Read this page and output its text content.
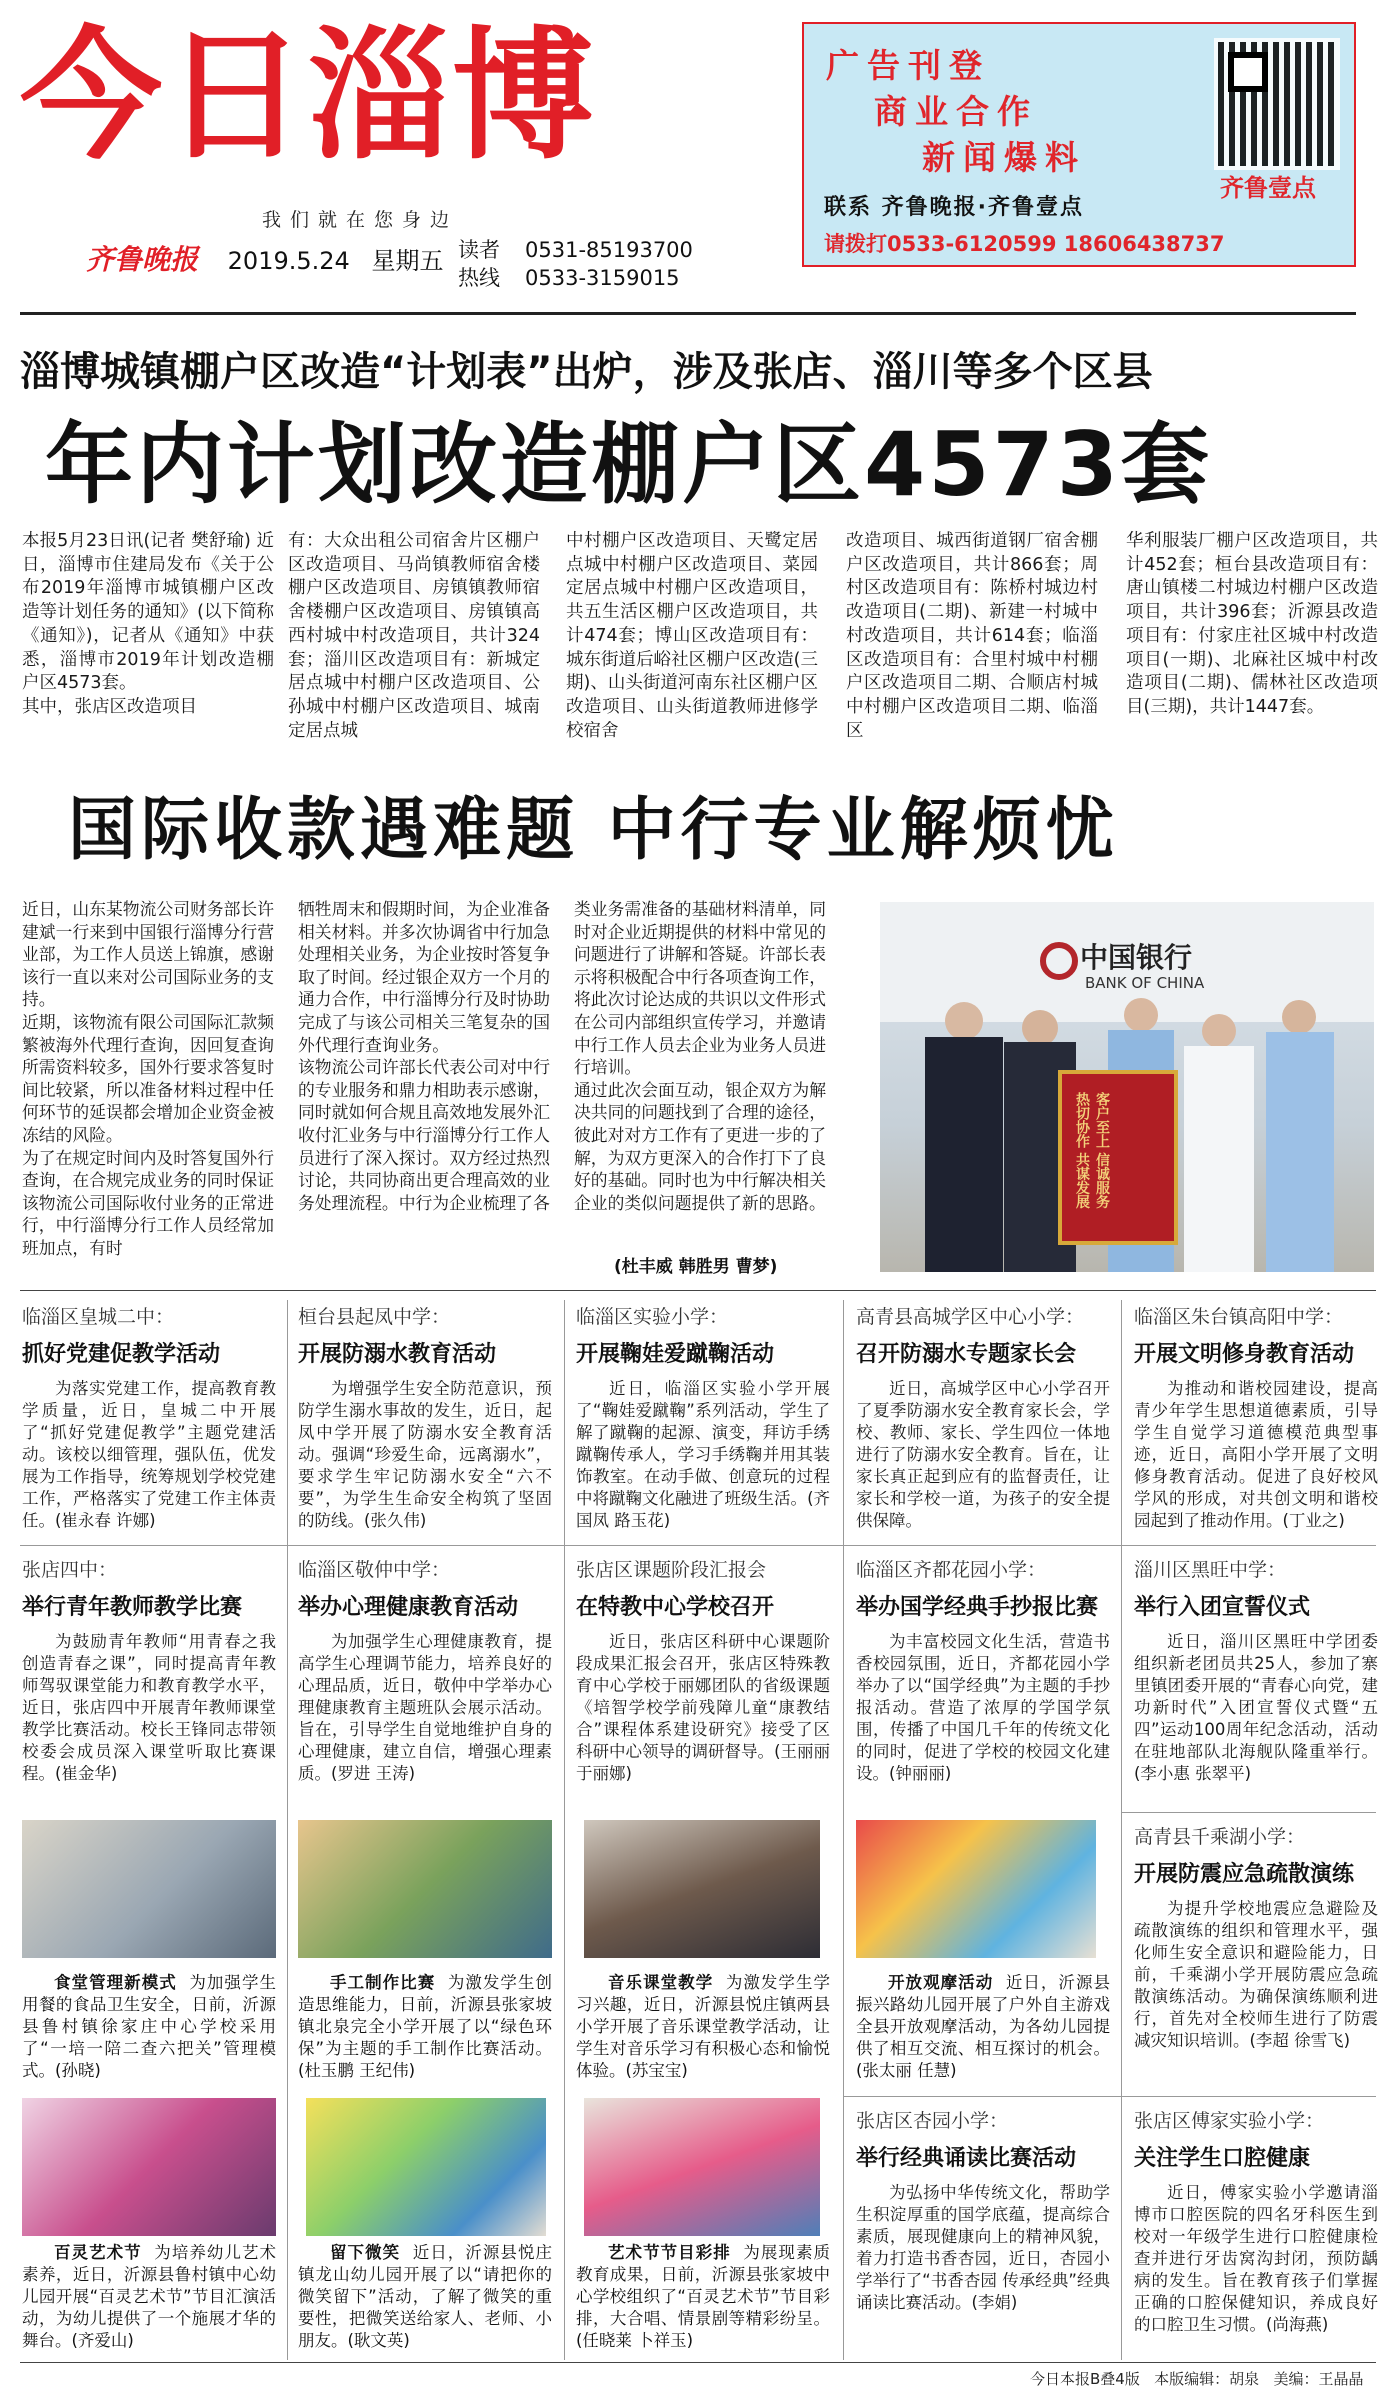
今日淄博
我们就在您身边
齐鲁晚报 2019.5.24 星期五 读者
热线
0531-85193700
0533-3159015
广告刊登
商业合作
新闻爆料
联系 齐鲁晚报·齐鲁壹点
请拨打0533-6120599 18606438737
齐鲁壹点
淄博城镇棚户区改造“计划表”出炉，涉及张店、淄川等多个区县
年内计划改造棚户区4573套
本报5月23日讯(记者 樊舒瑜) 近日，淄博市住建局发布《关于公布2019年淄博市城镇棚户区改造等计划任务的通知》(以下简称《通知》)，记者从《通知》中获悉，淄博市2019年计划改造棚户区4573套。
其中，张店区改造项目
有：大众出租公司宿舍片区棚户区改造项目、马尚镇教师宿舍楼棚户区改造项目、房镇镇教师宿舍楼棚户区改造项目、房镇镇高西村城中村改造项目，共计324套；淄川区改造项目有：新城定居点城中村棚户区改造项目、公孙城中村棚户区改造项目、城南定居点城
中村棚户区改造项目、天鹭定居点城中村棚户区改造项目、菜园定居点城中村棚户区改造项目，共五生活区棚户区改造项目，共计474套；博山区改造项目有：城东街道后峪社区棚户区改造(三期)、山头街道河南东社区棚户区改造项目、山头街道教师进修学校宿舍
改造项目、城西街道钢厂宿舍棚户区改造项目，共计866套；周村区改造项目有：陈桥村城边村改造项目(二期)、新建一村城中村改造项目，共计614套；临淄区改造项目有：合里村城中村棚户区改造项目二期、合顺店村城中村棚户区改造项目二期、临淄区
华利服装厂棚户区改造项目，共计452套；桓台县改造项目有：唐山镇楼二村城边村棚户区改造项目，共计396套；沂源县改造项目有：付家庄社区城中村改造项目(一期)、北麻社区城中村改造项目(二期)、儒林社区改造项目(三期)，共计1447套。
国际收款遇难题 中行专业解烦忧
近日，山东某物流公司财务部长许建斌一行来到中国银行淄博分行营业部，为工作人员送上锦旗，感谢该行一直以来对公司国际业务的支持。
近期，该物流有限公司国际汇款频繁被海外代理行查询，因回复查询所需资料较多，国外行要求答复时间比较紧，所以准备材料过程中任何环节的延误都会增加企业资金被冻结的风险。
为了在规定时间内及时答复国外行查询，在合规完成业务的同时保证该物流公司国际收付业务的正常进行，中行淄博分行工作人员经常加班加点，有时
牺牲周末和假期时间，为企业准备相关材料。并多次协调省中行加急处理相关业务，为企业按时答复争取了时间。经过银企双方一个月的通力合作，中行淄博分行及时协助完成了与该公司相关三笔复杂的国外代理行查询业务。
该物流公司许部长代表公司对中行的专业服务和鼎力相助表示感谢，同时就如何合规且高效地发展外汇收付汇业务与中行淄博分行工作人员进行了深入探讨。双方经过热烈讨论，共同协商出更合理高效的业务处理流程。中行为企业梳理了各
类业务需准备的基础材料清单，同时对企业近期提供的材料中常见的问题进行了讲解和答疑。许部长表示将积极配合中行各项查询工作，将此次讨论达成的共识以文件形式在公司内部组织宣传学习，并邀请中行工作人员去企业为业务人员进行培训。
通过此次会面互动，银企双方为解决共同的问题找到了合理的途径，彼此对对方工作有了更进一步的了解，为双方更深入的合作打下了良好的基础。同时也为中行解决相关企业的类似问题提供了新的思路。
(杜丰威 韩胜男 曹梦)
中国银行
BANK OF CHINA
客户至上 信诚服务 热切协作 共谋发展
临淄区皇城二中：
抓好党建促教学活动
为落实党建工作，提高教育教学质量，近日，皇城二中开展了“抓好党建促教学”主题党建活动。该校以细管理，强队伍，优发展为工作指导，统筹规划学校党建工作，严格落实了党建工作主体责任。(崔永春 许娜)
桓台县起凤中学：
开展防溺水教育活动
为增强学生安全防范意识，预防学生溺水事故的发生，近日，起凤中学开展了防溺水安全教育活动。强调“珍爱生命，远离溺水”，要求学生牢记防溺水安全“六不要”，为学生生命安全构筑了坚固的防线。(张久伟)
临淄区实验小学：
开展鞠娃爱蹴鞠活动
近日，临淄区实验小学开展了“鞠娃爱蹴鞠”系列活动，学生了解了蹴鞠的起源、演变，拜访手绣蹴鞠传承人，学习手绣鞠并用其装饰教室。在动手做、创意玩的过程中将蹴鞠文化融进了班级生活。(齐国凤 路玉花)
高青县高城学区中心小学：
召开防溺水专题家长会
近日，高城学区中心小学召开了夏季防溺水安全教育家长会，学校、教师、家长、学生四位一体地进行了防溺水安全教育。旨在，让家长真正起到应有的监督责任，让家长和学校一道，为孩子的安全提供保障。
临淄区朱台镇高阳中学：
开展文明修身教育活动
为推动和谐校园建设，提高青少年学生思想道德素质，引导学生自觉学习道德模范典型事迹，近日，高阳小学开展了文明修身教育活动。促进了良好校风学风的形成，对共创文明和谐校园起到了推动作用。(丁业之)
张店四中：
举行青年教师教学比赛
为鼓励青年教师“用青春之我创造青春之课”，同时提高青年教师驾驭课堂能力和教育教学水平，近日，张店四中开展青年教师课堂教学比赛活动。校长王锋同志带领校委会成员深入课堂听取比赛课程。(崔金华)
临淄区敬仲中学：
举办心理健康教育活动
为加强学生心理健康教育，提高学生心理调节能力，培养良好的心理品质，近日，敬仲中学举办心理健康教育主题班队会展示活动。旨在，引导学生自觉地维护自身的心理健康，建立自信，增强心理素质。(罗进 王涛)
张店区课题阶段汇报会
在特教中心学校召开
近日，张店区科研中心课题阶段成果汇报会召开，张店区特殊教育中心学校于丽娜团队的省级课题《培智学校学前残障儿童“康教结合”课程体系建设研究》接受了区科研中心领导的调研督导。(王丽丽 于丽娜)
临淄区齐都花园小学：
举办国学经典手抄报比赛
为丰富校园文化生活，营造书香校园氛围，近日，齐都花园小学举办了以“国学经典”为主题的手抄报活动。营造了浓厚的学国学氛围，传播了中国几千年的传统文化的同时，促进了学校的校园文化建设。(钟丽丽)
淄川区黑旺中学：
举行入团宣誓仪式
近日，淄川区黑旺中学团委组织新老团员共25人，参加了寨里镇团委开展的“青春心向党，建功新时代”入团宣誓仪式暨“五四”运动100周年纪念活动，活动在驻地部队北海舰队隆重举行。(李小惠 张翠平)
高青县千乘湖小学：
开展防震应急疏散演练
为提升学校地震应急避险及疏散演练的组织和管理水平，强化师生安全意识和避险能力，日前，千乘湖小学开展防震应急疏散演练活动。为确保演练顺利进行，首先对全校师生进行了防震减灾知识培训。(李超 徐雪飞)
张店区杏园小学：
举行经典诵读比赛活动
为弘扬中华传统文化，帮助学生积淀厚重的国学底蕴，提高综合素质，展现健康向上的精神风貌，着力打造书香杏园，近日，杏园小学举行了“书香杏园 传承经典”经典诵读比赛活动。(李娟)
张店区傅家实验小学：
关注学生口腔健康
近日，傅家实验小学邀请淄博市口腔医院的四名牙科医生到校对一年级学生进行口腔健康检查并进行牙齿窝沟封闭，预防龋病的发生。旨在教育孩子们掌握正确的口腔保健知识，养成良好的口腔卫生习惯。(尚海燕)
食堂管理新模式 为加强学生用餐的食品卫生安全，日前，沂源县鲁村镇徐家庄中心学校采用了“一培一陪二查六把关”管理模式。(孙晓)
手工制作比赛 为激发学生创造思维能力，日前，沂源县张家坡镇北泉完全小学开展了以“绿色环保”为主题的手工制作比赛活动。(杜玉鹏 王纪伟)
音乐课堂教学 为激发学生学习兴趣，近日，沂源县悦庄镇两县小学开展了音乐课堂教学活动，让学生对音乐学习有积极心态和愉悦体验。(苏宝宝)
开放观摩活动 近日，沂源县振兴路幼儿园开展了户外自主游戏全县开放观摩活动，为各幼儿园提供了相互交流、相互探讨的机会。(张太丽 任慧)
百灵艺术节 为培养幼儿艺术素养，近日，沂源县鲁村镇中心幼儿园开展“百灵艺术节”节目汇演活动，为幼儿提供了一个施展才华的舞台。(齐爱山)
留下微笑 近日，沂源县悦庄镇龙山幼儿园开展了以“请把你的微笑留下”活动，了解了微笑的重要性，把微笑送给家人、老师、小朋友。(耿文英)
艺术节节目彩排 为展现素质教育成果，日前，沂源县张家坡中心学校组织了“百灵艺术节”节目彩排，大合唱、情景剧等精彩纷呈。(任晓莱 卜祥玉)
今日本报B叠4版 本版编辑：胡泉 美编：王晶晶
